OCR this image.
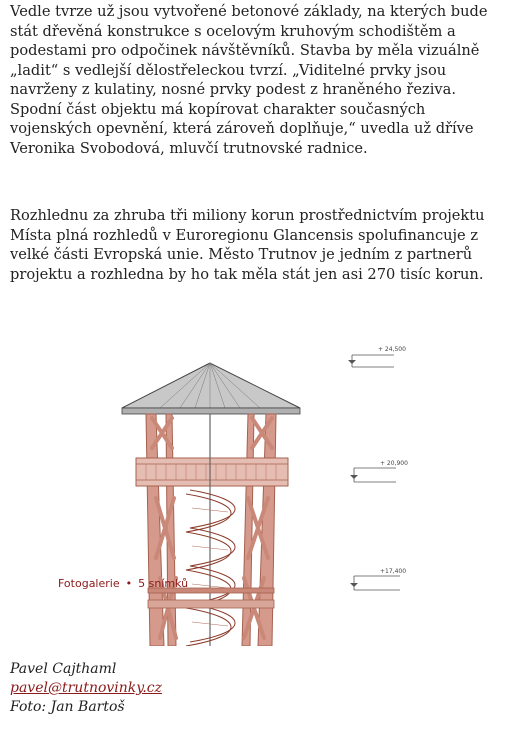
Vedle tvrze už jsou vytvořené betonové základy, na kterých bude stát dřevěná konstrukce s ocelovým kruhovým schodištěm a podestami pro odpočinek návštěvníků. Stavba by měla vizuálně „ladit“ s vedlejší dělostřeleckou tvrzí. „Viditelné prvky jsou navrženy z kulatiny, nosné prvky podest z hraněného řeziva. Spodní část objektu má kopírovat charakter současných vojenských opevnění, která zároveň doplňuje,“ uvedla už dříve Veronika Svobodová, mluvčí trutnovské radnice.

Rozhlednu za zhruba tři miliony korun prostřednictvím projektu Místa plná rozhledů v Euroregionu Glancensis spolufinancuje z velké části Evropská unie. Město Trutnov je jedním z partnerů projektu a rozhledna by ho tak měla stát jen asi 270 tisíc korun.

+ 24,500
+ 20,900
+17,400
Fotogalerie • 5 snímků
Pavel Cajthaml
pavel@trutnovinky.cz
Foto: Jan Bartoš
